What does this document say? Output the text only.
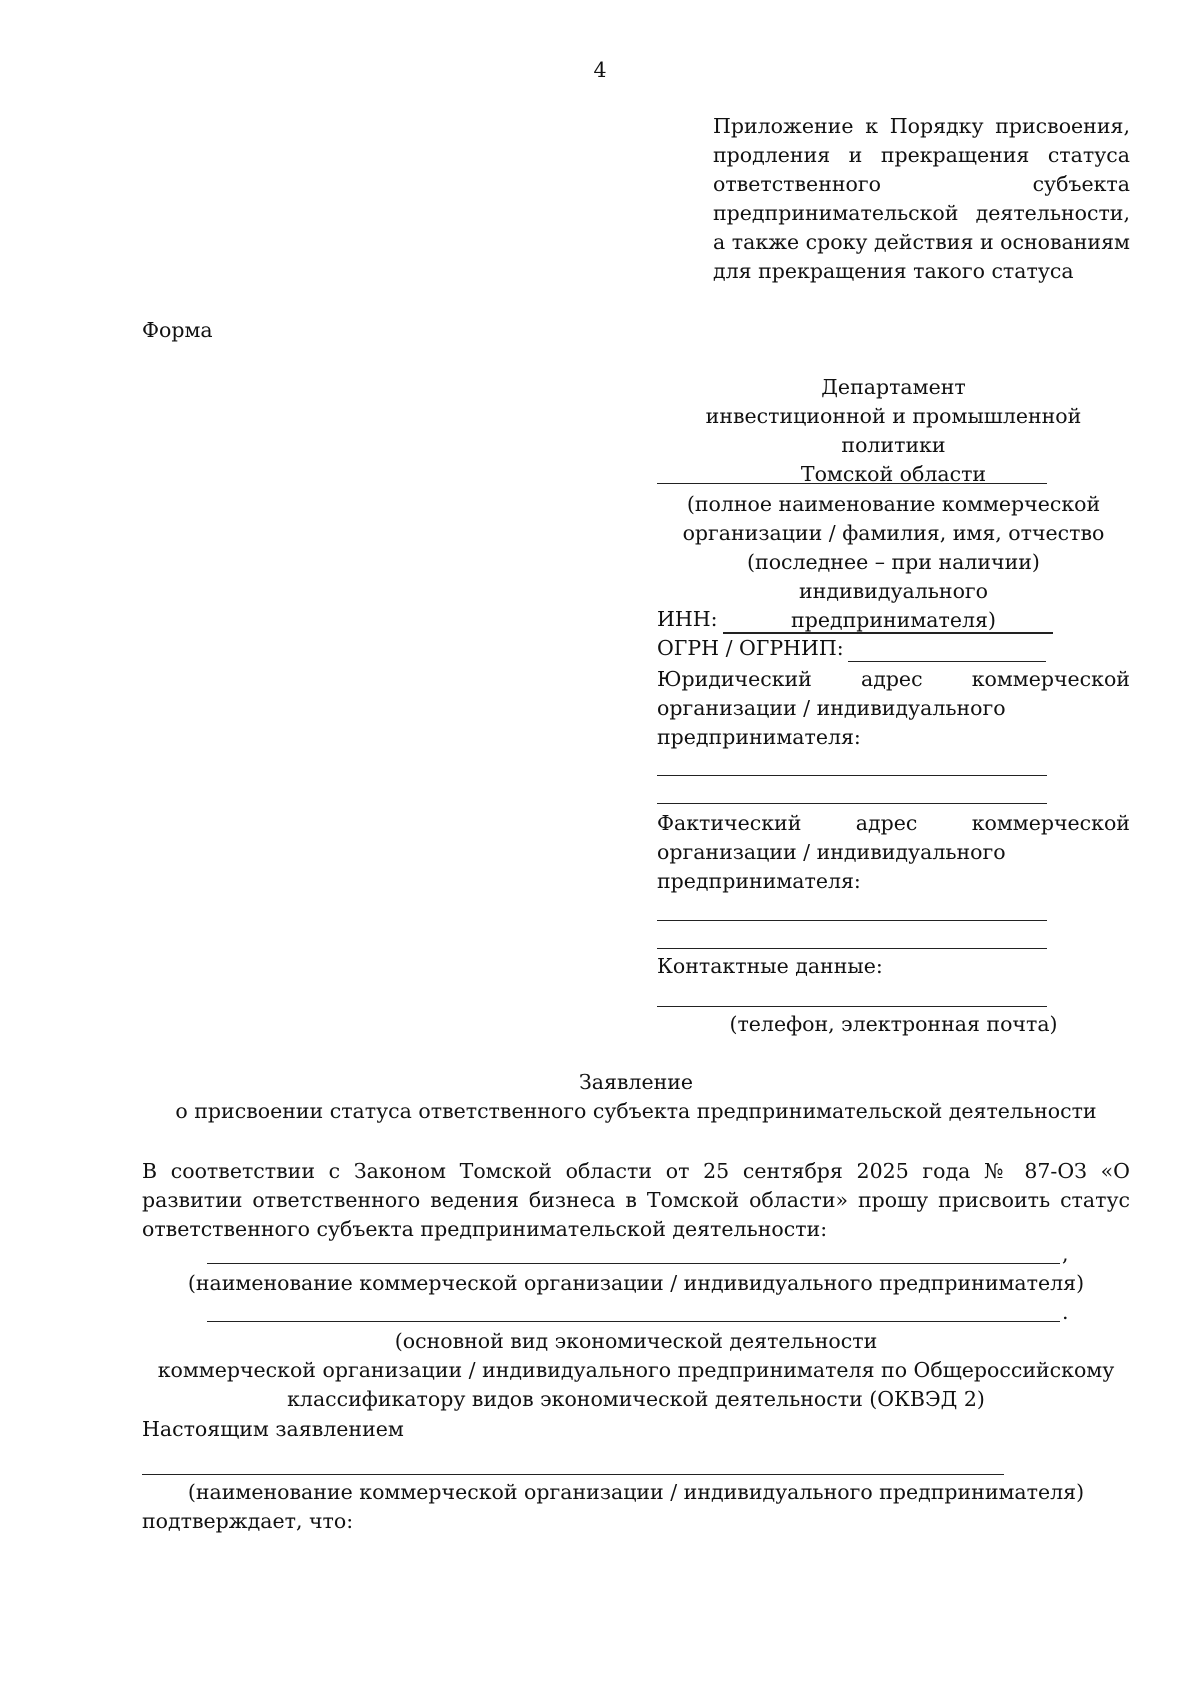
4
Приложение к Порядку присвоения,
продления и прекращения статуса
ответственного	субъекта
предпринимательской деятельности,
а также сроку действия и основаниям
для прекращения такого статуса
Форма
Департамент
инвестиционной и промышленной политики
Томской области
(полное наименование коммерческой
организации / фамилия, имя, отчество
(последнее – при наличии) индивидуального
предпринимателя)
ИНН:
ОГРН / ОГРНИП:
Юридический адрес коммерческой
организации / индивидуального
предпринимателя:
Фактический	адрес	коммерческой
организации / индивидуального
предпринимателя:
Контактные данные:
(телефон, электронная почта)
Заявление
о присвоении статуса ответственного субъекта предпринимательской деятельности
В соответствии с Законом Томской области от 25 сентября 2025 года № 87-ОЗ «О развитии ответственного ведения бизнеса в Томской области» прошу присвоить статус ответственного субъекта предпринимательской деятельности:
,
(наименование коммерческой организации / индивидуального предпринимателя)
.
(основной вид экономической деятельности
коммерческой организации / индивидуального предпринимателя по Общероссийскому
классификатору видов экономической деятельности (ОКВЭД 2)
Настоящим заявлением
(наименование коммерческой организации / индивидуального предпринимателя)
подтверждает, что:
